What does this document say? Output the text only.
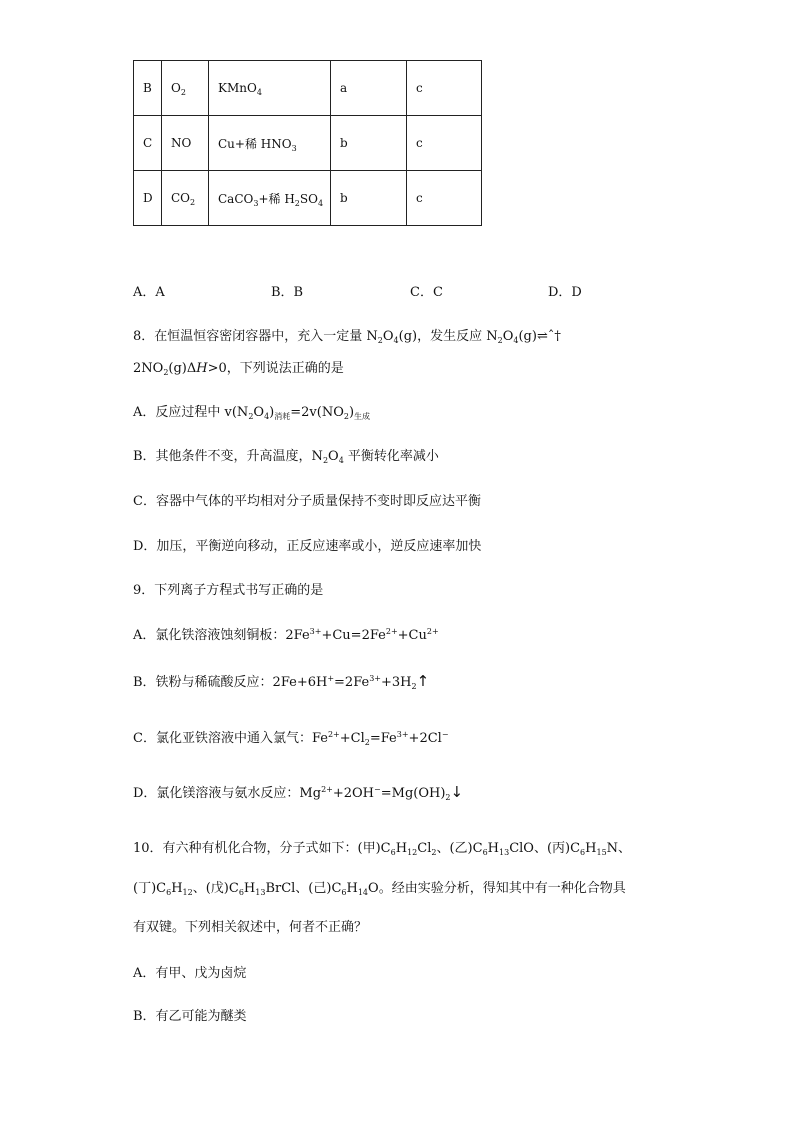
B	$O_2$	KMnO$_4$	a	c
C	NO	Cu+稀 $HNO_3$	b	c
D	$CO_2$	CaCO$_3$+稀 $H_2SO_4$	b	c
A．A	B．B	C．C	D．D
8．在恒温恒容密闭容器中，充入一定量 $N_2O_4(g)$，发生反应 $N_2O_4(g)\rightleftharpoons ˆ\dagger$
$2NO_2(g)\Delta H>0$，下列说法正确的是
A．反应过程中 $v(N_2O_4)_{消耗}=2v(NO_2)_{生成}$
B．其他条件不变，升高温度，$N_2O_4$ 平衡转化率减小
C．容器中气体的平均相对分子质量保持不变时即反应达平衡
D．加压，平衡逆向移动，正反应速率或小，逆反应速率加快
9．下列离子方程式书写正确的是
A．氯化铁溶液蚀刻铜板：$2Fe^{3+}+Cu=2Fe^{2+}+Cu^{2+}$
B．铁粉与稀硫酸反应：$2Fe+6H^+=2Fe^{3+}+3H_2↑$
C．氯化亚铁溶液中通入氯气：$Fe^{2+}+Cl_2=Fe^{3+}+2Cl^-$
D．氯化镁溶液与氨水反应：$Mg^{2+}+2OH^-=Mg(OH)_2↓$
10．有六种有机化合物，分子式如下：(甲)$C_6H_{12}Cl_2$、(乙)$C_6H_{13}ClO$、(丙)$C_6H_{15}N$、
(丁)$C_6H_{12}$、(戊)$C_6H_{13}BrCl$、(己)$C_6H_{14}O$。经由实验分析，得知其中有一种化合物具
有双键。下列相关叙述中，何者不正确？
A．有甲、戊为卤烷
B．有乙可能为醚类
